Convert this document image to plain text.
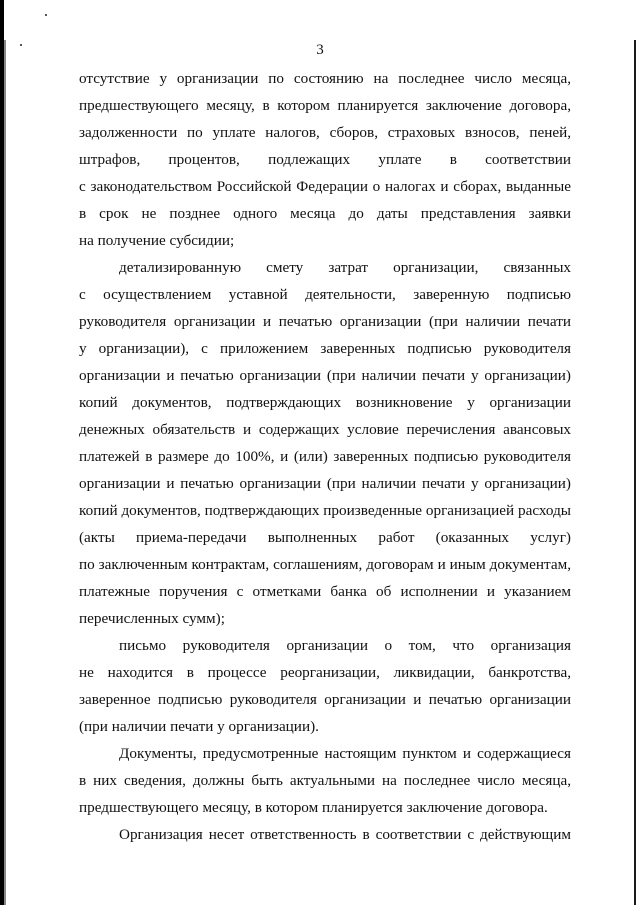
3
отсутствие у организации по состоянию на последнее число месяца,
предшествующего месяцу, в котором планируется заключение договора,
задолженности по уплате налогов, сборов, страховых взносов, пеней,
штрафов, процентов, подлежащих уплате в соответствии
с законодательством Российской Федерации о налогах и сборах, выданные
в срок не позднее одного месяца до даты представления заявки
на получение субсидии;
детализированную смету затрат организации, связанных
с осуществлением уставной деятельности, заверенную подписью
руководителя организации и печатью организации (при наличии печати
у организации), с приложением заверенных подписью руководителя
организации и печатью организации (при наличии печати у организации)
копий документов, подтверждающих возникновение у организации
денежных обязательств и содержащих условие перечисления авансовых
платежей в размере до 100%, и (или) заверенных подписью руководителя
организации и печатью организации (при наличии печати у организации)
копий документов, подтверждающих произведенные организацией расходы
(акты приема-передачи выполненных работ (оказанных услуг)
по заключенным контрактам, соглашениям, договорам и иным документам,
платежные поручения с отметками банка об исполнении и указанием
перечисленных сумм);
письмо руководителя организации о том, что организация
не находится в процессе реорганизации, ликвидации, банкротства,
заверенное подписью руководителя организации и печатью организации
(при наличии печати у организации).
Документы, предусмотренные настоящим пунктом и содержащиеся
в них сведения, должны быть актуальными на последнее число месяца,
предшествующего месяцу, в котором планируется заключение договора.
Организация несет ответственность в соответствии с действующим
